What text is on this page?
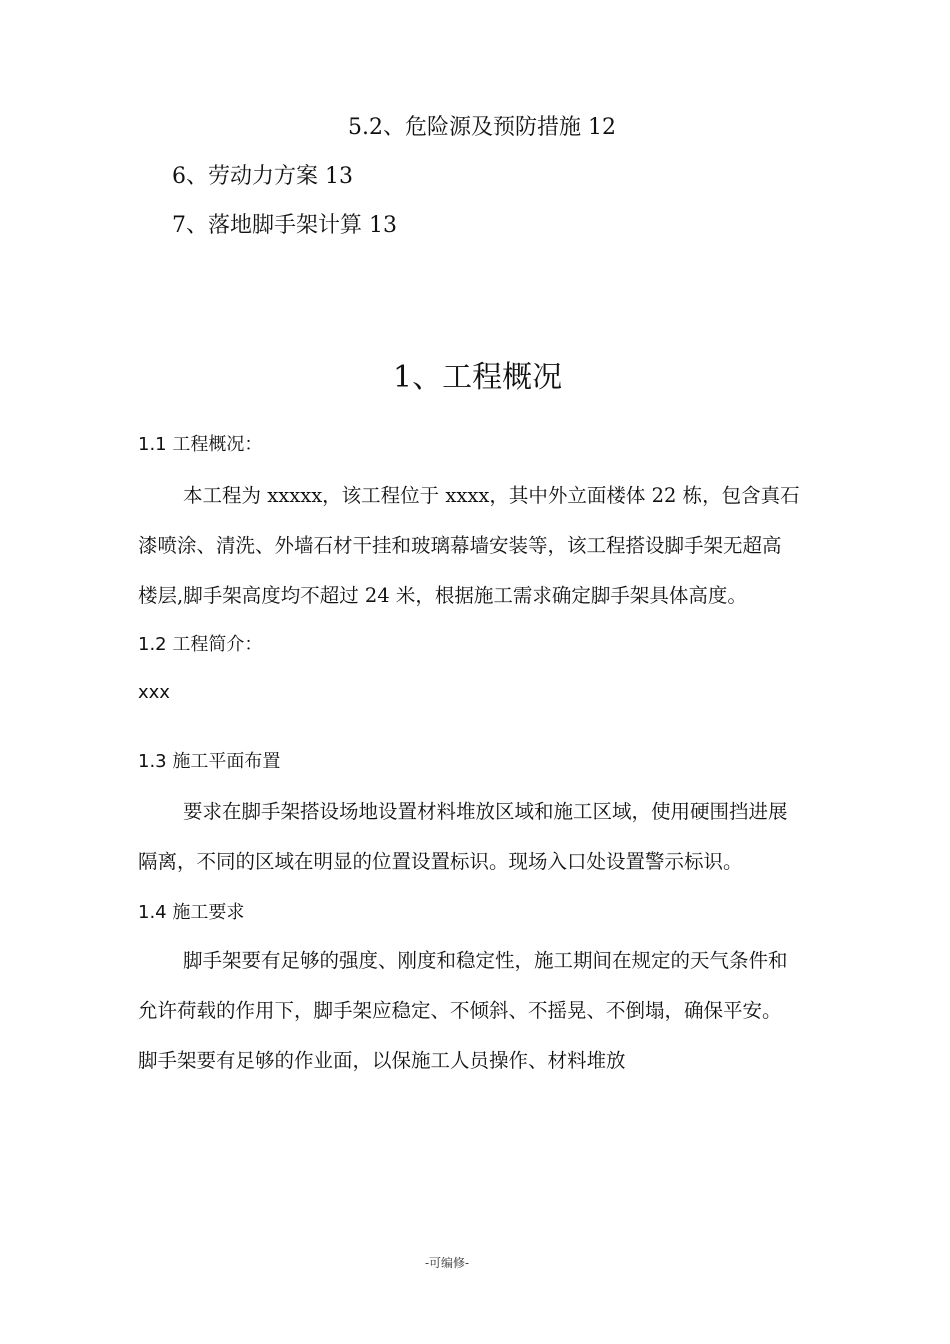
5.2、危险源及预防措施 12
6、劳动力方案 13
7、落地脚手架计算 13
1、工程概况
1.1 工程概况：
本工程为 xxxxx，该工程位于 xxxx，其中外立面楼体 22 栋，包含真石
漆喷涂、清洗、外墙石材干挂和玻璃幕墙安装等，该工程搭设脚手架无超高
楼层,脚手架高度均不超过 24 米，根据施工需求确定脚手架具体高度。
1.2 工程简介：
xxx
1.3 施工平面布置
要求在脚手架搭设场地设置材料堆放区域和施工区域，使用硬围挡进展
隔离，不同的区域在明显的位置设置标识。现场入口处设置警示标识。
1.4 施工要求
脚手架要有足够的强度、刚度和稳定性，施工期间在规定的天气条件和
允许荷载的作用下，脚手架应稳定、不倾斜、不摇晃、不倒塌，确保平安。
脚手架要有足够的作业面，以保施工人员操作、材料堆放
-可编修-
